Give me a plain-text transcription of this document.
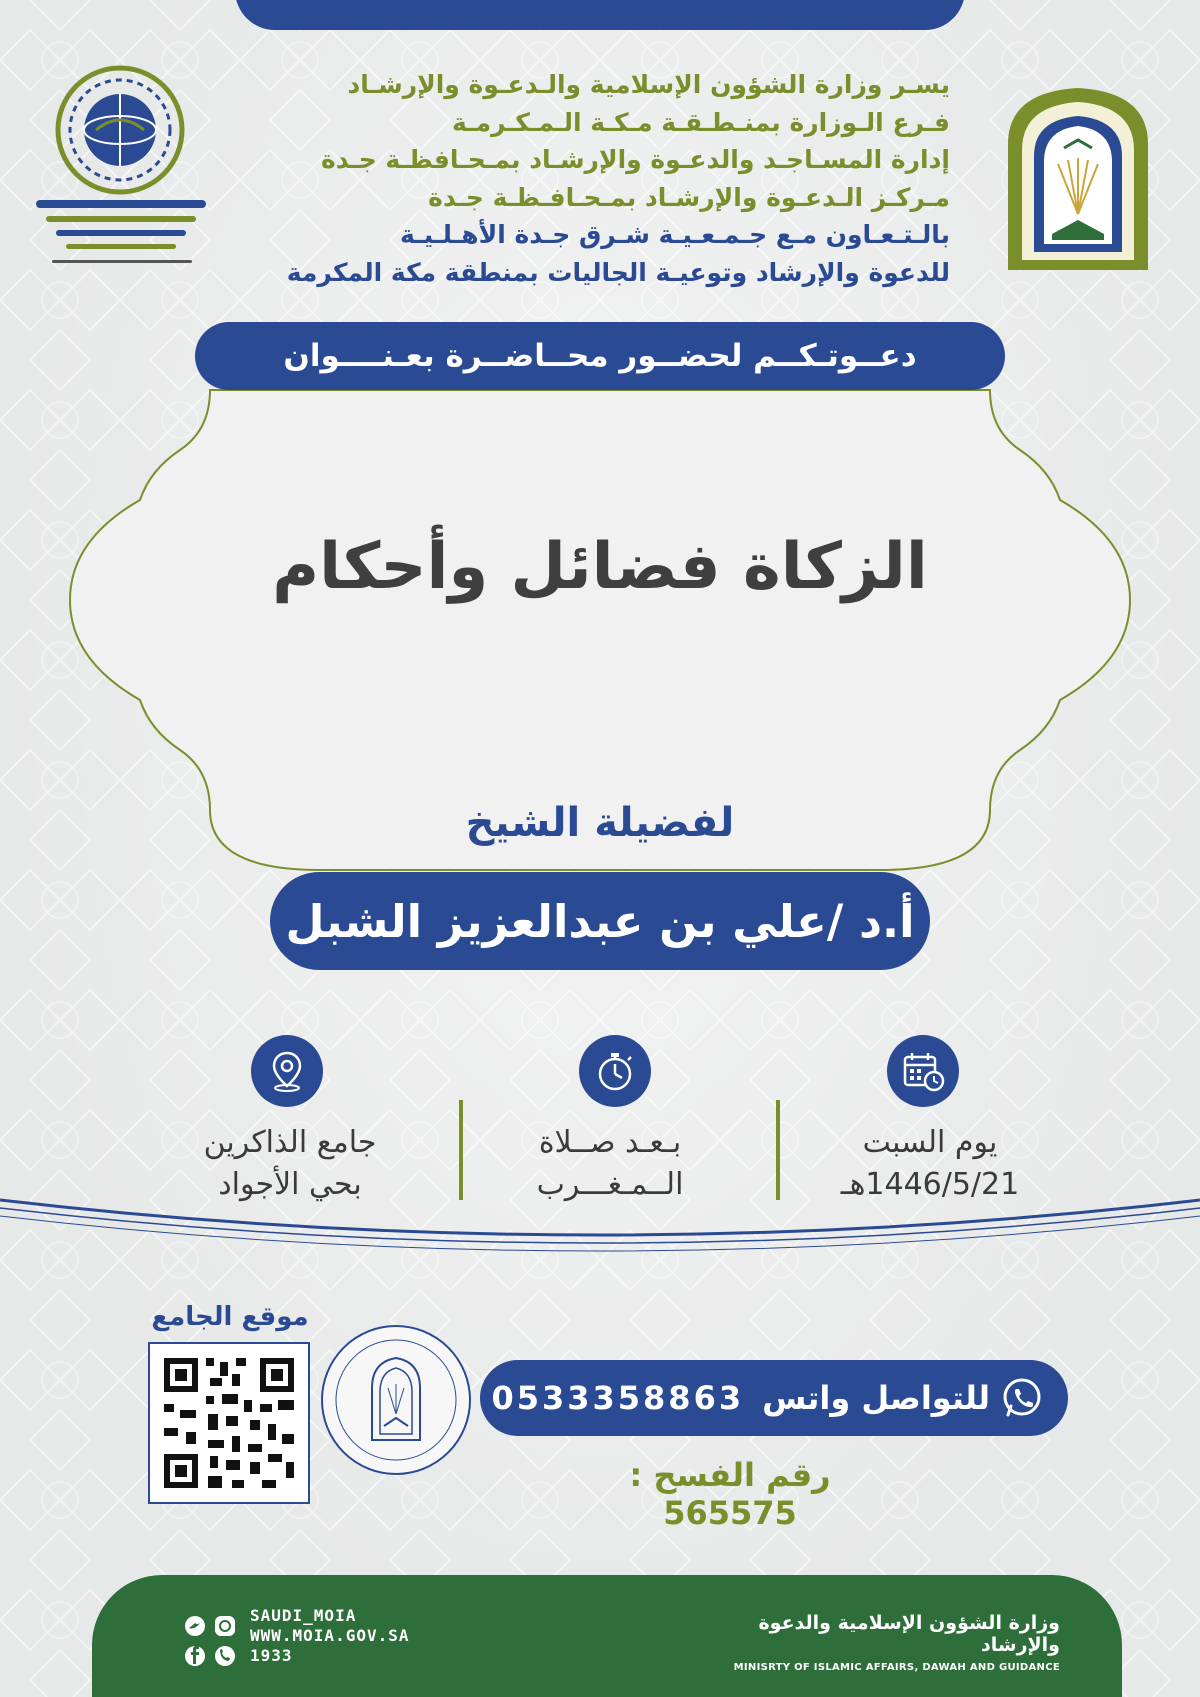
يسـر وزارة الشؤون الإسلامية والـدعـوة والإرشـاد
فـرع الـوزارة بمنـطـقـة مـكـة الـمـكـرمـة
إدارة المسـاجـد والدعـوة والإرشـاد بمـحـافظـة جـدة
مـركـز الـدعـوة والإرشـاد بمـحـافـظـة جـدة
بالـتـعـاون مـع جـمـعـيـة شـرق جـدة الأهـلـيـة
للدعوة والإرشاد وتوعيـة الجاليات بمنطقة مكة المكرمة
دعــوتـكــم لحضــور محــاضــرة بعـنــــوان
الزكاة فضائل وأحكام
لفضيلة الشيخ
أ.د /علي بن عبدالعزيز الشبل
يوم السبت
1446/5/21هـ
بـعـد صــلاة
الــمـغـــرب
جامع الذاكرين
بحي الأجواد
موقع الجامع
للتواصل واتس
0533358863
رقم الفسح : 565575
وزارة الشؤون الإسلامية والدعوة والإرشاد
MINISRTY OF ISLAMIC AFFAIRS, DAWAH AND GUIDANCE
SAUDI_MOIA
WWW.MOIA.GOV.SA
1933
